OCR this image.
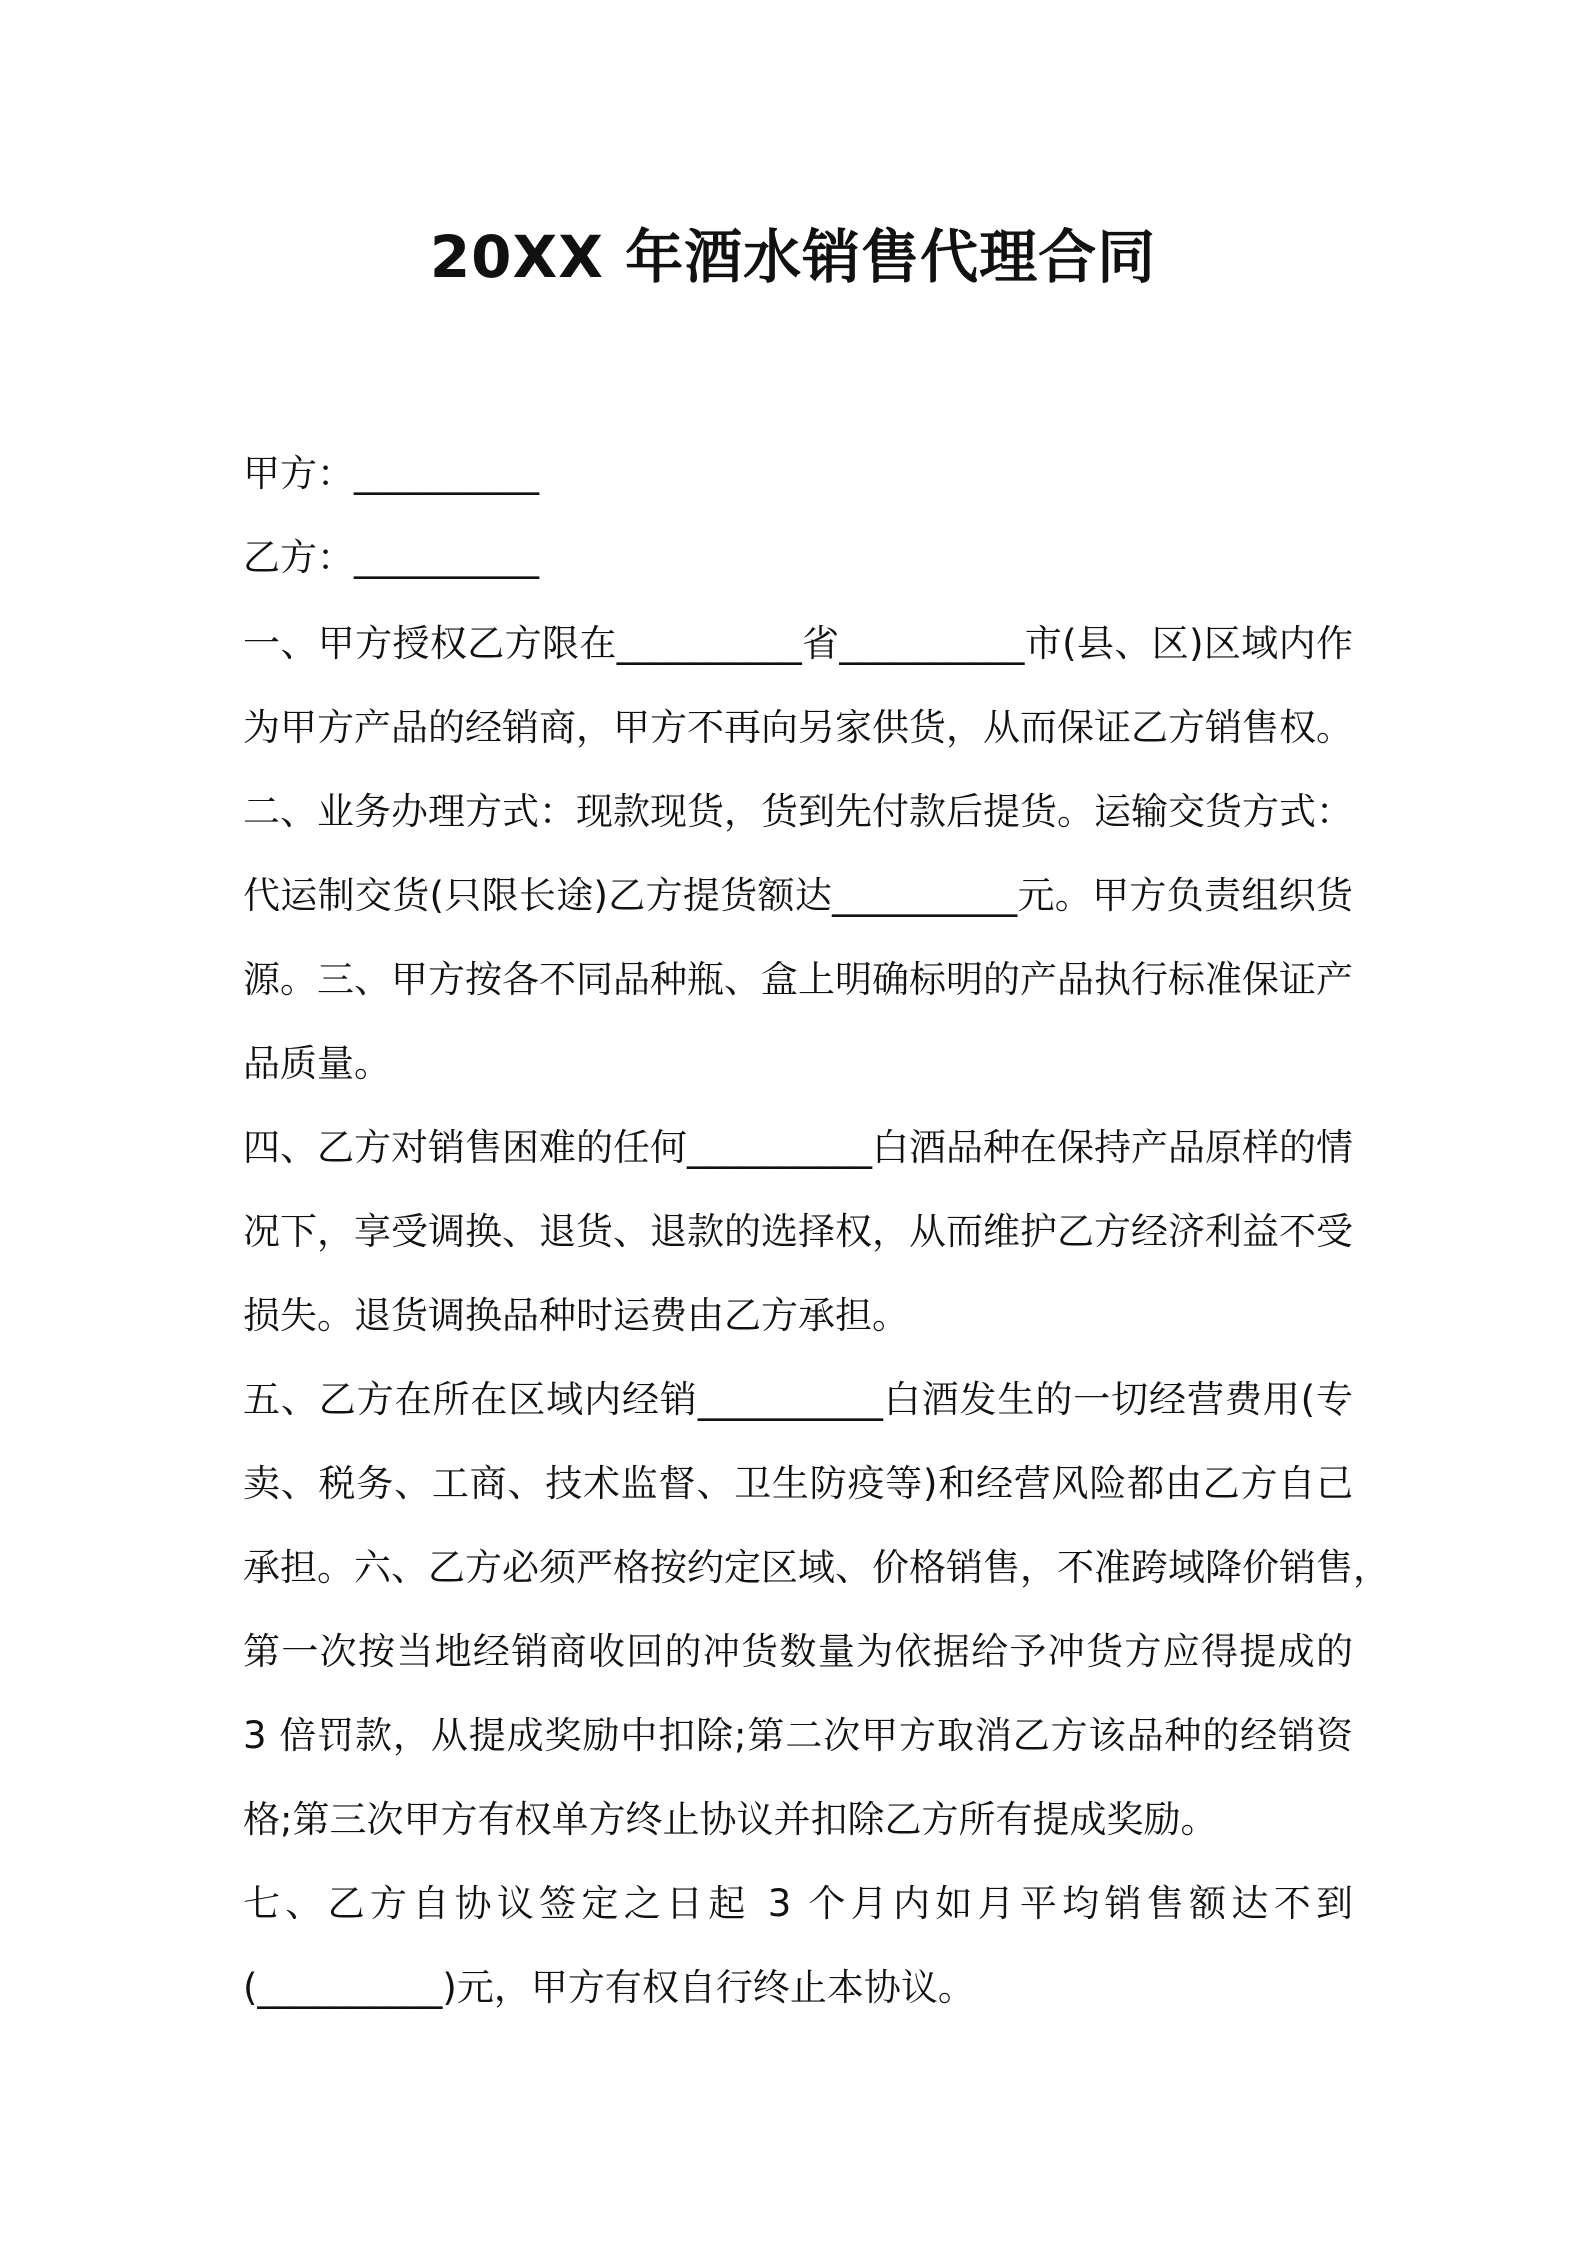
20XX 年酒水销售代理合同
甲方：__________
乙方：__________
一、甲方授权乙方限在__________省__________市(县、区)区域内作
为甲方产品的经销商，甲方不再向另家供货，从而保证乙方销售权。
二、业务办理方式：现款现货，货到先付款后提货。运输交货方式：
代运制交货(只限长途)乙方提货额达__________元。甲方负责组织货
源。三、甲方按各不同品种瓶、盒上明确标明的产品执行标准保证产
品质量。
四、乙方对销售困难的任何__________白酒品种在保持产品原样的情
况下，享受调换、退货、退款的选择权，从而维护乙方经济利益不受
损失。退货调换品种时运费由乙方承担。
五、乙方在所在区域内经销__________白酒发生的一切经营费用(专
卖、税务、工商、技术监督、卫生防疫等)和经营风险都由乙方自己
承担。六、乙方必须严格按约定区域、价格销售，不准跨域降价销售，
第一次按当地经销商收回的冲货数量为依据给予冲货方应得提成的
3 倍罚款，从提成奖励中扣除;第二次甲方取消乙方该品种的经销资
格;第三次甲方有权单方终止协议并扣除乙方所有提成奖励。
七、乙方自协议签定之日起 3 个月内如月平均销售额达不到
(__________)元，甲方有权自行终止本协议。
